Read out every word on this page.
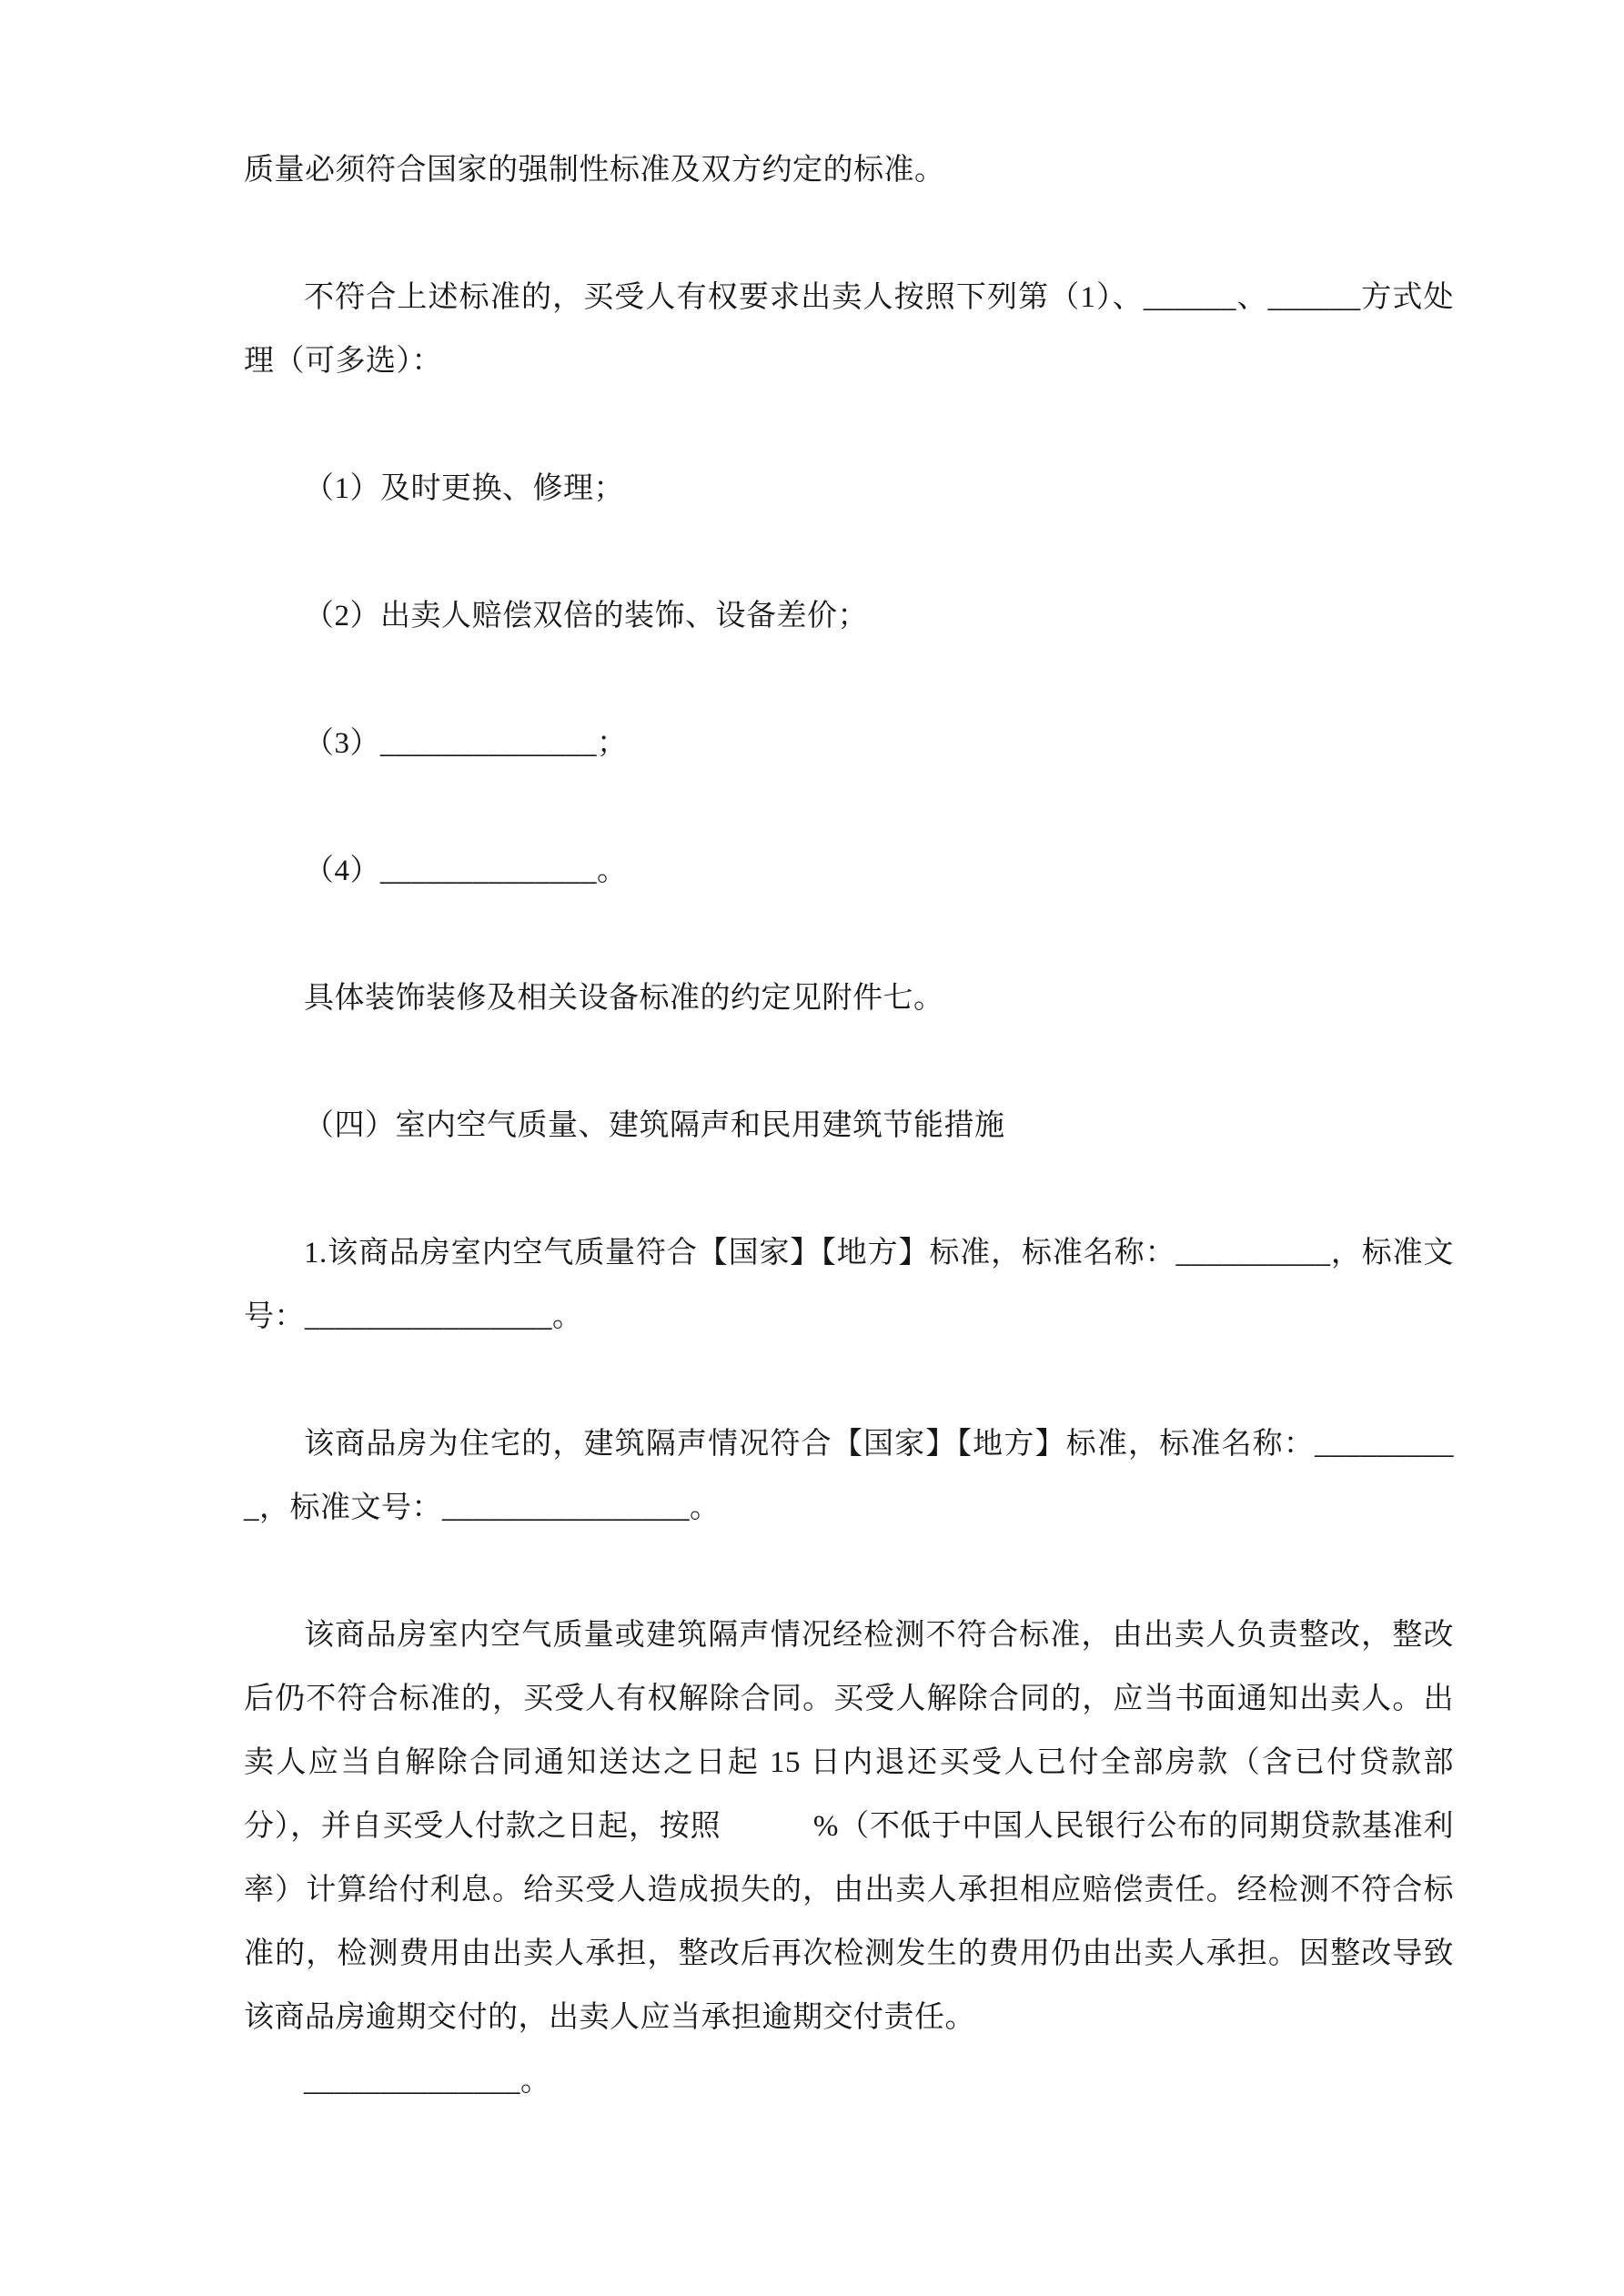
质量必须符合国家的强制性标准及双方约定的标准。

不符合上述标准的，买受人有权要求出卖人按照下列第（1）、______、______方式处理（可多选）：

（1）及时更换、修理；

（2）出卖人赔偿双倍的装饰、设备差价；

（3）______________；

（4）______________。

具体装饰装修及相关设备标准的约定见附件七。

（四）室内空气质量、建筑隔声和民用建筑节能措施

1.该商品房室内空气质量符合【国家】【地方】标准，标准名称：__________，标准文号：________________。

该商品房为住宅的，建筑隔声情况符合【国家】【地方】标准，标准名称：__________，标准文号：________________。

该商品房室内空气质量或建筑隔声情况经检测不符合标准，由出卖人负责整改，整改后仍不符合标准的，买受人有权解除合同。买受人解除合同的，应当书面通知出卖人。出卖人应当自解除合同通知送达之日起 15 日内退还买受人已付全部房款（含已付贷款部分），并自买受人付款之日起，按照　　　%（不低于中国人民银行公布的同期贷款基准利率）计算给付利息。给买受人造成损失的，由出卖人承担相应赔偿责任。经检测不符合标准的，检测费用由出卖人承担，整改后再次检测发生的费用仍由出卖人承担。因整改导致该商品房逾期交付的，出卖人应当承担逾期交付责任。

______________。
